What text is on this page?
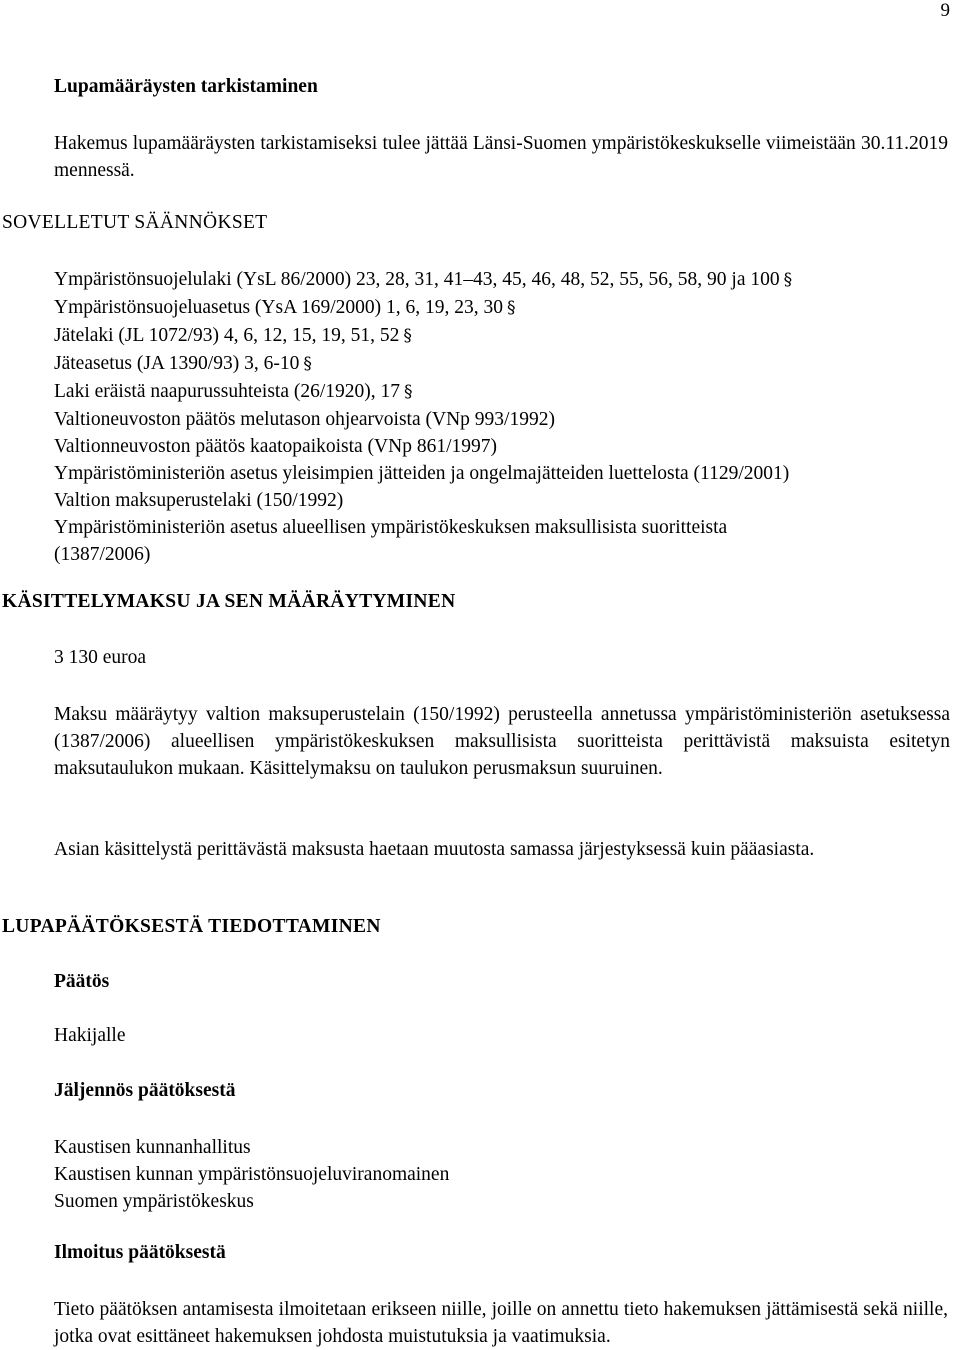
9
Lupamääräysten tarkistaminen
Hakemus lupamääräysten tarkistamiseksi tulee jättää Länsi-Suomen ympäristökeskukselle viimeistään 30.11.2019 mennessä.
SOVELLETUT SÄÄNNÖKSET
Ympäristönsuojelulaki (YsL 86/2000) 23, 28, 31, 41–43, 45, 46, 48, 52, 55, 56, 58, 90 ja 100 §
Ympäristönsuojeluasetus (YsA 169/2000) 1, 6, 19, 23, 30 §
Jätelaki (JL 1072/93) 4, 6, 12, 15, 19, 51, 52 §
Jäteasetus (JA 1390/93) 3, 6-10 §
Laki eräistä naapurussuhteista (26/1920), 17 §
Valtioneuvoston päätös melutason ohjearvoista (VNp 993/1992)
Valtionneuvoston päätös kaatopaikoista (VNp 861/1997)
Ympäristöministeriön asetus yleisimpien jätteiden ja ongelmajätteiden luettelosta (1129/2001)
Valtion maksuperustelaki (150/1992)
Ympäristöministeriön asetus alueellisen ympäristökeskuksen maksullisista suoritteista
(1387/2006)
KÄSITTELYMAKSU JA SEN MÄÄRÄYTYMINEN
3 130 euroa
Maksu määräytyy valtion maksuperustelain (150/1992) perusteella annetussa ympäristöministeriön asetuksessa (1387/2006) alueellisen ympäristökeskuksen maksullisista suoritteista perittävistä maksuista esitetyn maksutaulukon mukaan. Käsittelymaksu on taulukon perusmaksun suuruinen.
Asian käsittelystä perittävästä maksusta haetaan muutosta samassa järjestyksessä kuin pääasiasta.
LUPAPÄÄTÖKSESTÄ TIEDOTTAMINEN
Päätös
Hakijalle
Jäljennös päätöksestä
Kaustisen kunnanhallitus
Kaustisen kunnan ympäristönsuojeluviranomainen
Suomen ympäristökeskus
Ilmoitus päätöksestä
Tieto päätöksen antamisesta ilmoitetaan erikseen niille, joille on annettu tieto hakemuksen jättämisestä sekä niille, jotka ovat esittäneet hakemuksen johdosta muistutuksia ja vaatimuksia.
